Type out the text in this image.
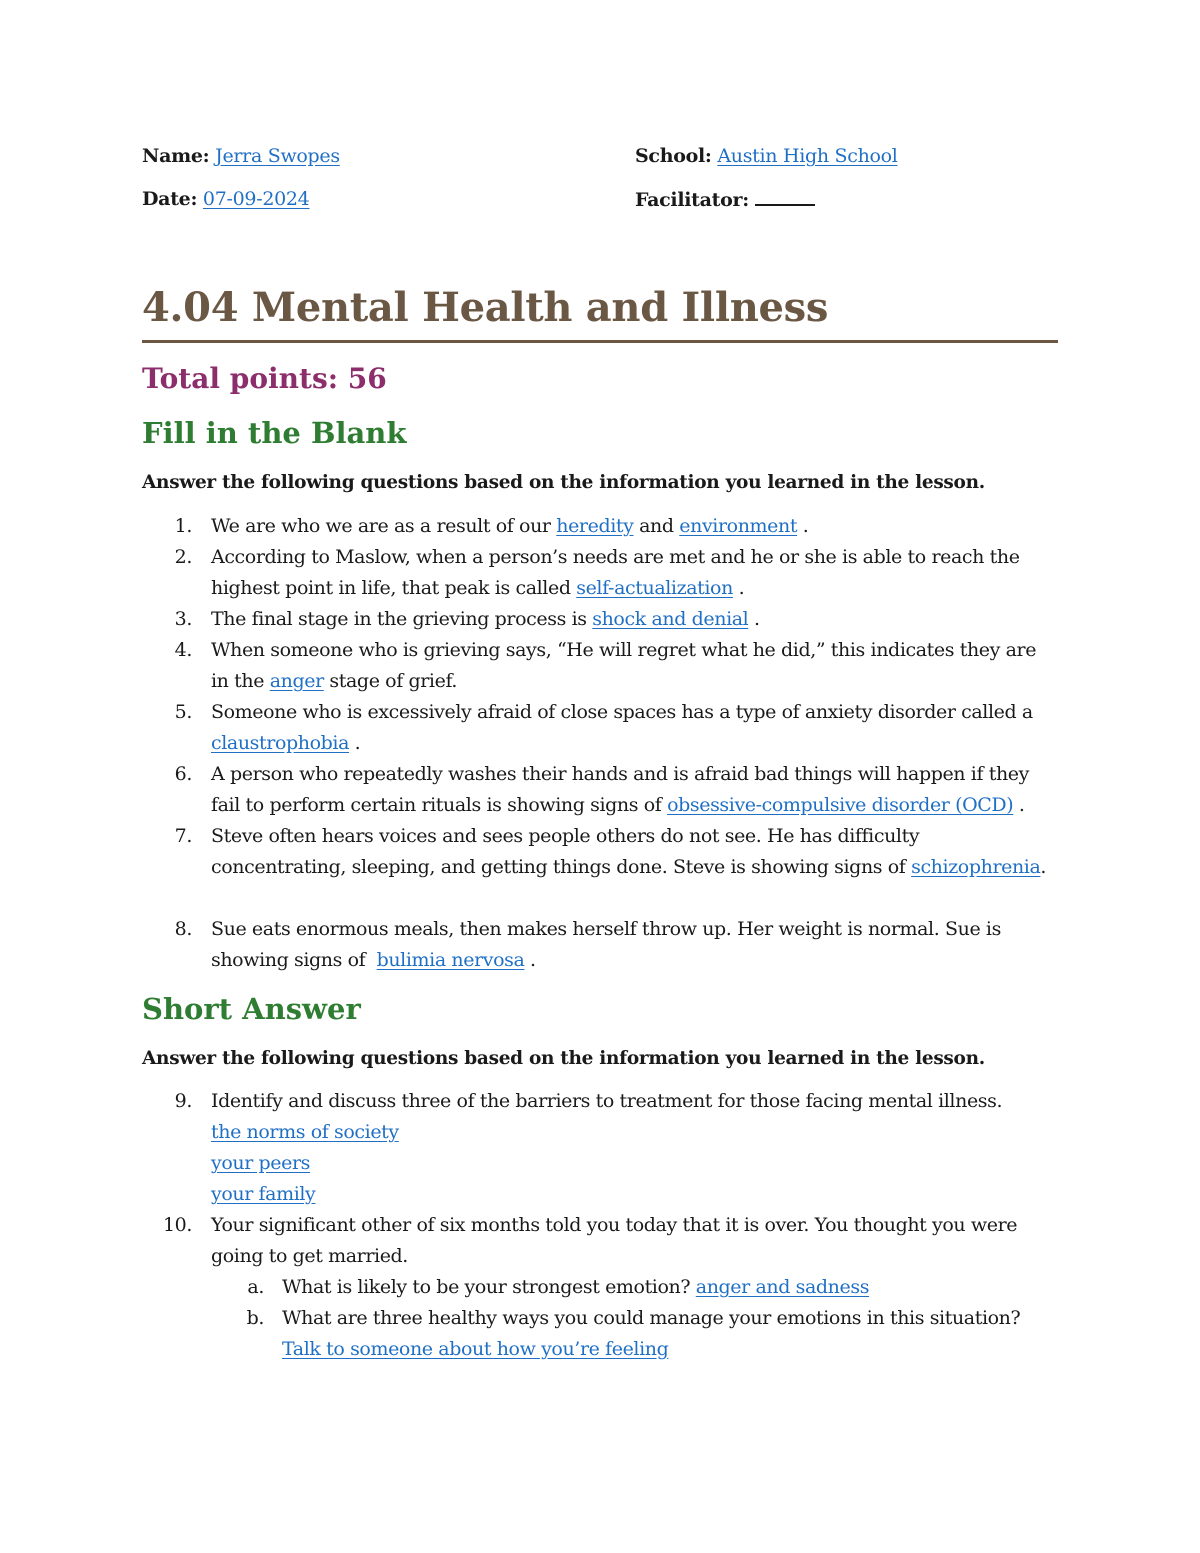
Name: Jerra Swopes	School: Austin High School
Date: 07-09-2024	Facilitator:
4.04 Mental Health and Illness
Total points: 56
Fill in the Blank
Answer the following questions based on the information you learned in the lesson.
1. We are who we are as a result of our heredity and environment .
2. According to Maslow, when a person’s needs are met and he or she is able to reach the highest point in life, that peak is called self-actualization .
3. The final stage in the grieving process is shock and denial .
4. When someone who is grieving says, “He will regret what he did,” this indicates they are in the anger stage of grief.
5. Someone who is excessively afraid of close spaces has a type of anxiety disorder called a claustrophobia .
6. A person who repeatedly washes their hands and is afraid bad things will happen if they fail to perform certain rituals is showing signs of obsessive-compulsive disorder (OCD) .
7. Steve often hears voices and sees people others do not see. He has difficulty concentrating, sleeping, and getting things done. Steve is showing signs of schizophrenia.
8. Sue eats enormous meals, then makes herself throw up. Her weight is normal. Sue is showing signs of  bulimia nervosa .
Short Answer
Answer the following questions based on the information you learned in the lesson.
9. Identify and discuss three of the barriers to treatment for those facing mental illness.
the norms of society
your peers
your family
10. Your significant other of six months told you today that it is over. You thought you were going to get married.
a. What is likely to be your strongest emotion? anger and sadness
b. What are three healthy ways you could manage your emotions in this situation?
Talk to someone about how you’re feeling
